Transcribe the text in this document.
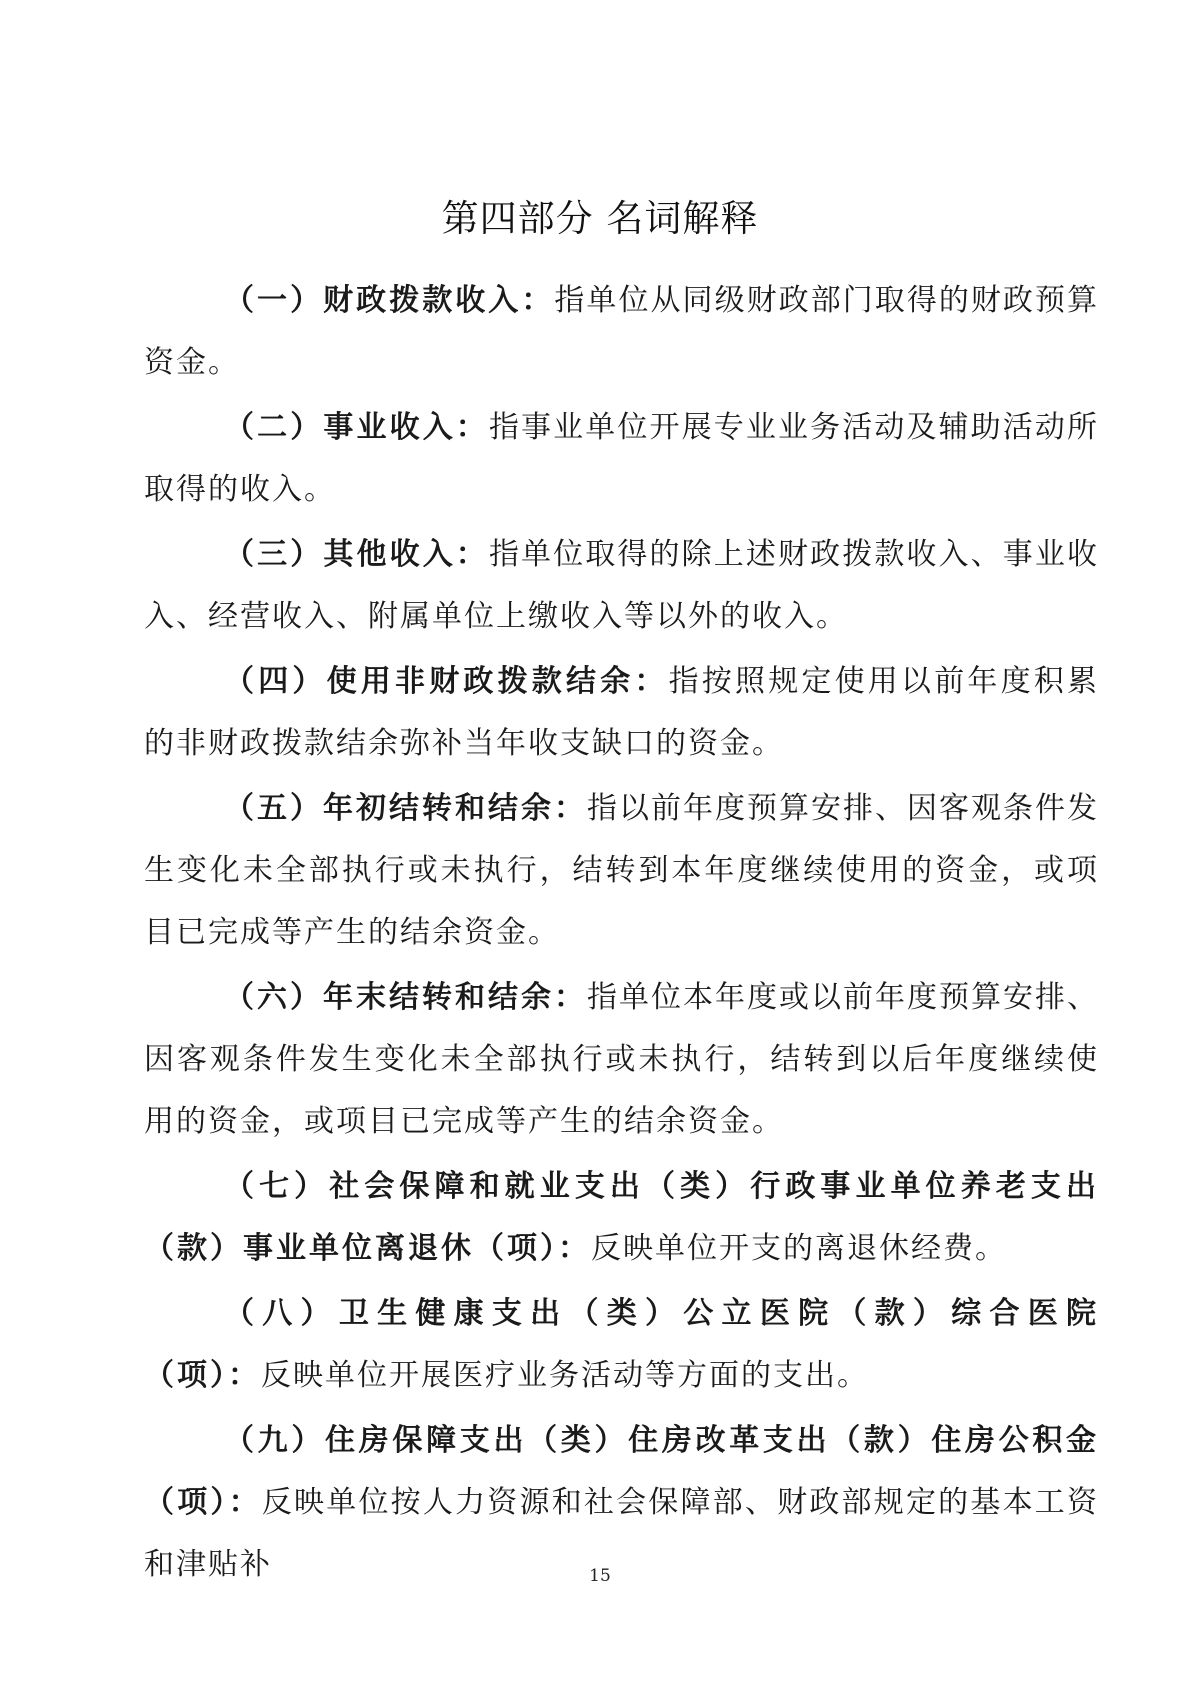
第四部分 名词解释

（一）财政拨款收入：指单位从同级财政部门取得的财政预算资金。

（二）事业收入：指事业单位开展专业业务活动及辅助活动所取得的收入。

（三）其他收入：指单位取得的除上述财政拨款收入、事业收入、经营收入、附属单位上缴收入等以外的收入。

（四）使用非财政拨款结余：指按照规定使用以前年度积累的非财政拨款结余弥补当年收支缺口的资金。

（五）年初结转和结余：指以前年度预算安排、因客观条件发生变化未全部执行或未执行，结转到本年度继续使用的资金，或项目已完成等产生的结余资金。

（六）年末结转和结余：指单位本年度或以前年度预算安排、因客观条件发生变化未全部执行或未执行，结转到以后年度继续使用的资金，或项目已完成等产生的结余资金。

（七）社会保障和就业支出（类）行政事业单位养老支出（款）事业单位离退休（项）：反映单位开支的离退休经费。

（八）卫生健康支出（类）公立医院（款）综合医院（项）：反映单位开展医疗业务活动等方面的支出。

（九）住房保障支出（类）住房改革支出（款）住房公积金（项）：反映单位按人力资源和社会保障部、财政部规定的基本工资和津贴补	15
